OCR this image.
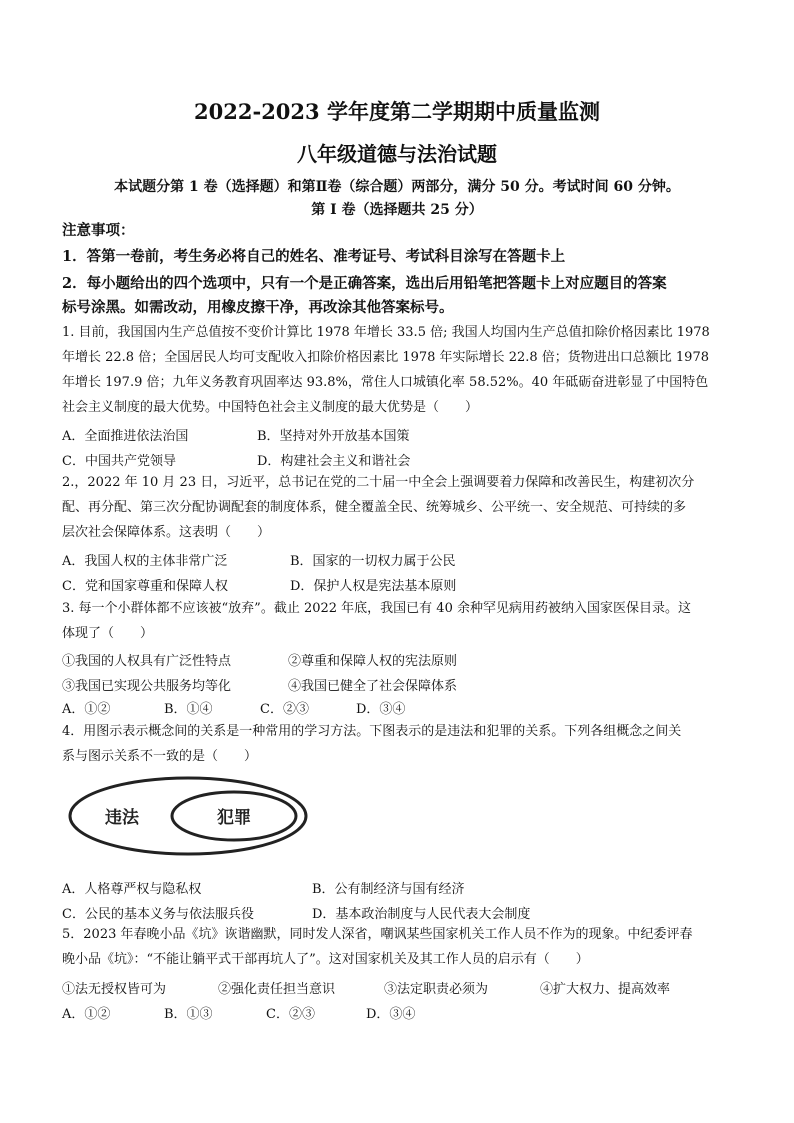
2022-2023 学年度第二学期期中质量监测
八年级道德与法治试题
本试题分第 1 卷（选择题）和第Ⅱ卷（综合题）两部分，满分 50 分。考试时间 60 分钟。
第 I 卷（选择题共 25 分）
注意事项：
1．答第一卷前，考生务必将自己的姓名、准考证号、考试科目涂写在答题卡上
2．每小题给出的四个选项中，只有一个是正确答案，选出后用铅笔把答题卡上对应题目的答案
标号涂黑。如需改动，用橡皮擦干净，再改涂其他答案标号。
1. 目前，我国国内生产总值按不变价计算比 1978 年增长 33.5 倍; 我国人均国内生产总值扣除价格因素比 1978
年增长 22.8 倍；全国居民人均可支配收入扣除价格因素比 1978 年实际增长 22.8 倍；货物进出口总额比 1978
年增长 197.9 倍；九年义务教育巩固率达 93.8%，常住人口城镇化率 58.52%。40 年砥砺奋进彰显了中国特色
社会主义制度的最大优势。中国特色社会主义制度的最大优势是（　　）
A．全面推进依法治国	B．坚持对外开放基本国策
C．中国共产党领导	D．构建社会主义和谐社会
2.，2022 年 10 月 23 日，习近平，总书记在党的二十届一中全会上强调要着力保障和改善民生，构建初次分
配、再分配、第三次分配协调配套的制度体系，健全覆盖全民、统筹城乡、公平统一、安全规范、可持续的多
层次社会保障体系。这表明（　　）
A．我国人权的主体非常广泛	B．国家的一切权力属于公民
C．党和国家尊重和保障人权	D．保护人权是宪法基本原则
3. 每一个小群体都不应该被“放弃”。截止 2022 年底，我国已有 40 余种罕见病用药被纳入国家医保目录。这
体现了（　　）
①我国的人权具有广泛性特点	②尊重和保障人权的宪法原则
③我国已实现公共服务均等化	④我国已健全了社会保障体系
A．①②	B．①④	C．②③	D．③④
4．用图示表示概念间的关系是一种常用的学习方法。下图表示的是违法和犯罪的关系。下列各组概念之间关
系与图示关系不一致的是（　　）
违法	犯罪
A．人格尊严权与隐私权	B．公有制经济与国有经济
C．公民的基本义务与依法服兵役	D．基本政治制度与人民代表大会制度
5．2023 年春晚小品《坑》诙谐幽默，同时发人深省，嘲讽某些国家机关工作人员不作为的现象。中纪委评春
晚小品《坑》：“不能让躺平式干部再坑人了”。这对国家机关及其工作人员的启示有（　　）
①法无授权皆可为	②强化责任担当意识	③法定职责必须为	④扩大权力、提高效率
A．①②	B．①③	C．②③	D．③④
